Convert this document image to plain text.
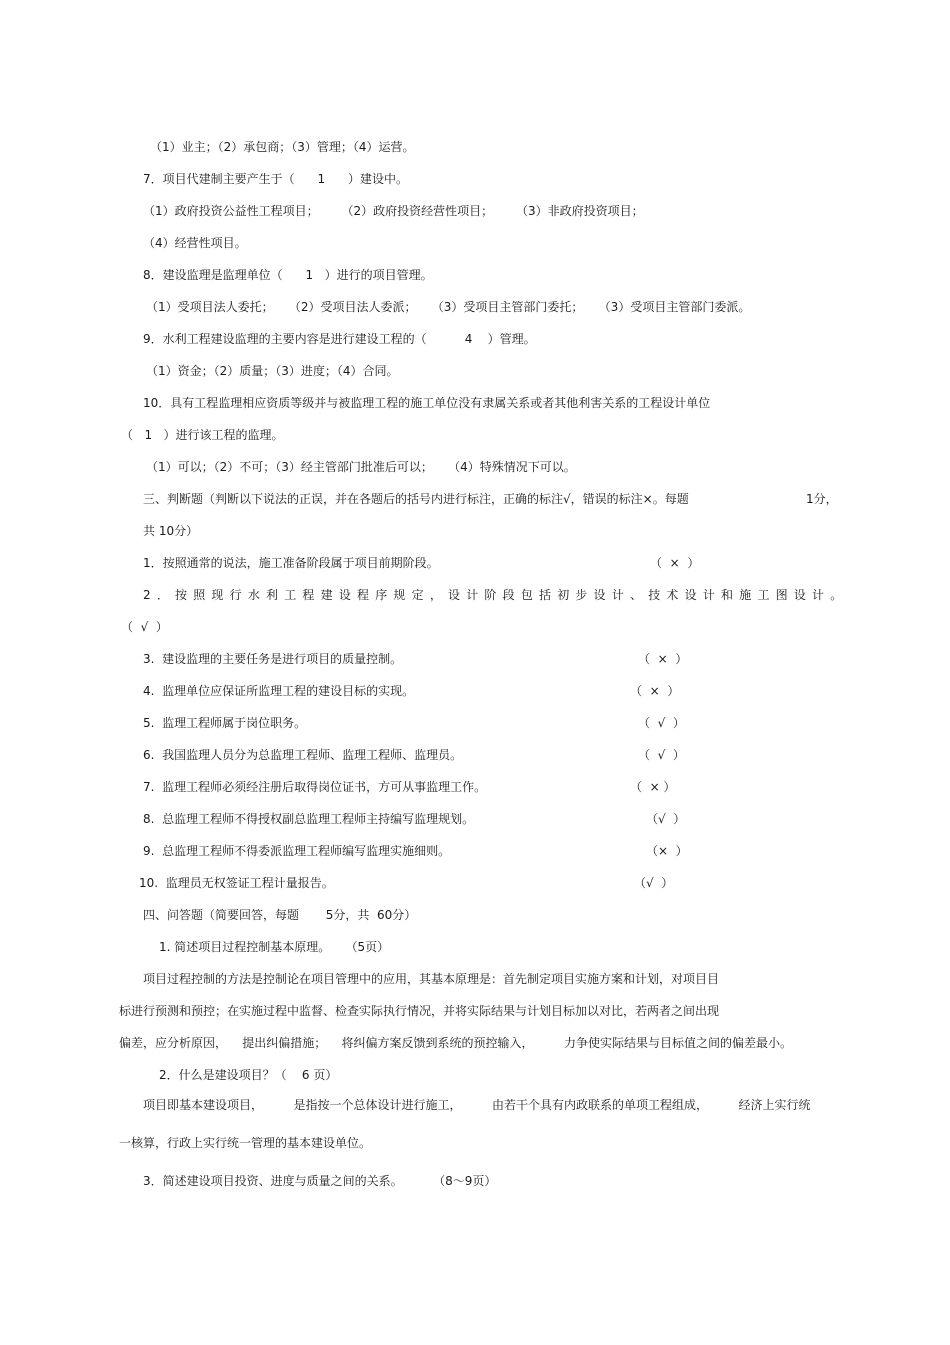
（1）业主；（2）承包商；（3）管理；（4）运营。
7．项目代建制主要产生于（      1      ）建设中。
（1）政府投资公益性工程项目；      （2）政府投资经营性项目；      （3）非政府投资项目；
（4）经营性项目。
8．建设监理是监理单位（      1   ）进行的项目管理。
（1）受项目法人委托；    （2）受项目法人委派；    （3）受项目主管部门委托；    （3）受项目主管部门委派。
9．水利工程建设监理的主要内容是进行建设工程的（          4    ）管理。
（1）资金；（2）质量；（3）进度；（4）合同。
10．具有工程监理相应资质等级并与被监理工程的施工单位没有隶属关系或者其他利害关系的工程设计单位
（   1   ）进行该工程的监理。
（1）可以；（2）不可；（3）经主管部门批准后可以；    （4）特殊情况下可以。
三、判断题（判断以下说法的正误，并在各题后的括号内进行标注，正确的标注√，错误的标注×。每题	1分，
共 10分）
1．按照通常的说法，施工准备阶段属于项目前期阶段。	（  ×  ）
2．按照现行水利工程建设程序规定，设计阶段包括初步设计、技术设计和施工图设计。
（  √  ）
3.  建设监理的主要任务是进行项目的质量控制。	（  ×  ）
4.  监理单位应保证所监理工程的建设目标的实现。	（  ×  ）
5.  监理工程师属于岗位职务。	（  √  ）
6.  我国监理人员分为总监理工程师、监理工程师、监理员。	（  √  ）
7.  监理工程师必须经注册后取得岗位证书，方可从事监理工作。	（  × ）
8.  总监理工程师不得授权副总监理工程师主持编写监理规划。	（√  ）
9.  总监理工程师不得委派监理工程师编写监理实施细则。	（×  ）
10.  监理员无权签证工程计量报告。	（√  ）
四、问答题（简要回答，每题       5分，共  60分）
1. 简述项目过程控制基本原理。    （5页）
项目过程控制的方法是控制论在项目管理中的应用，其基本原理是：首先制定项目实施方案和计划，对项目目
标进行预测和预控；在实施过程中监督、检查实际执行情况，并将实际结果与计划目标加以对比，若两者之间出现
偏差，应分析原因，    提出纠偏措施；    将纠偏方案反馈到系统的预控输入，        力争使实际结果与目标值之间的偏差最小。
2．什么是建设项目？（    6 页）
项目即基本建设项目，        是指按一个总体设计进行施工，        由若干个具有内政联系的单项工程组成，        经济上实行统
一核算，行政上实行统一管理的基本建设单位。
3．简述建设项目投资、进度与质量之间的关系。        （8～9页）
